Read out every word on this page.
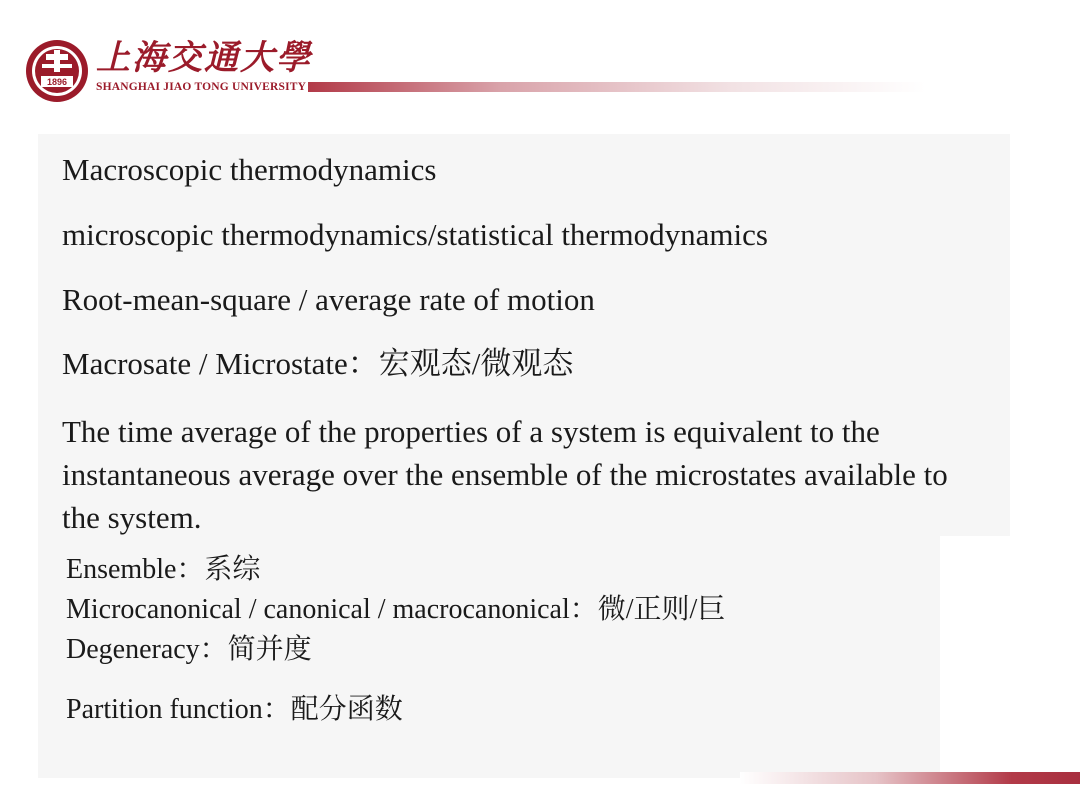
1896
上海交通大學
SHANGHAI JIAO TONG UNIVERSITY
Macroscopic thermodynamics
microscopic thermodynamics/statistical thermodynamics
Root-mean-square / average rate of motion
Macrosate / Microstate：宏观态/微观态
The time average of the properties of a system is equivalent to the instantaneous average over the ensemble of the microstates available to the system.
Ensemble：系综
Microcanonical / canonical / macrocanonical：微/正则/巨
Degeneracy：简并度
Partition function：配分函数
